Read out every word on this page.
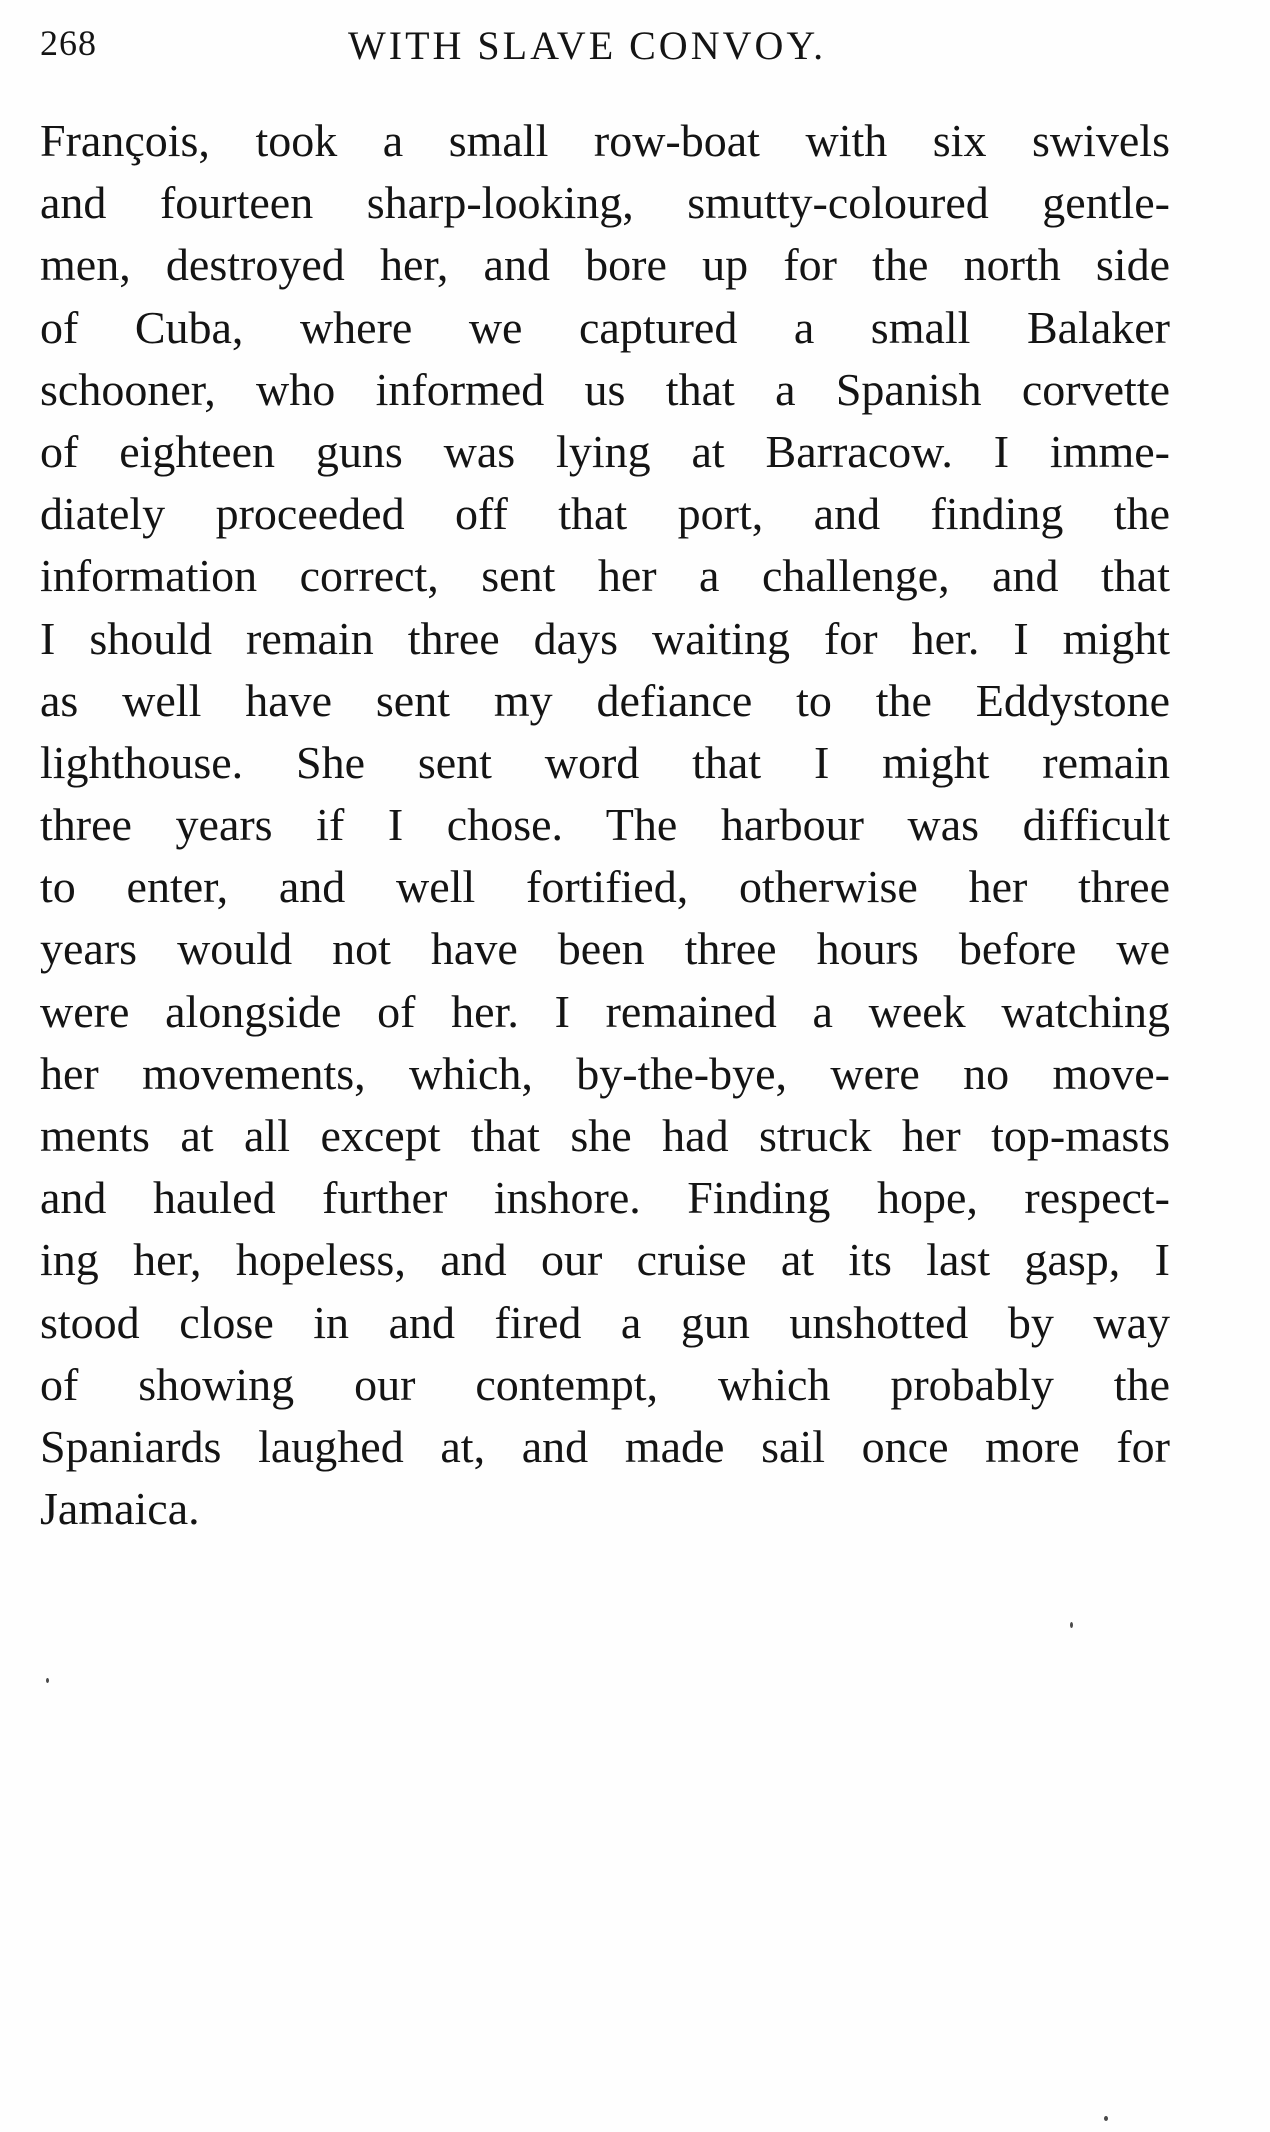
268	WITH SLAVE CONVOY.
François, took a small row-boat with six swivels
and fourteen sharp-looking, smutty-coloured gentle-
men, destroyed her, and bore up for the north side
of Cuba, where we captured a small Balaker
schooner, who informed us that a Spanish corvette
of eighteen guns was lying at Barracow. I imme-
diately proceeded off that port, and finding the
information correct, sent her a challenge, and that
I should remain three days waiting for her. I might
as well have sent my defiance to the Eddystone
lighthouse. She sent word that I might remain
three years if I chose. The harbour was difficult
to enter, and well fortified, otherwise her three
years would not have been three hours before we
were alongside of her. I remained a week watching
her movements, which, by-the-bye, were no move-
ments at all except that she had struck her top-masts
and hauled further inshore. Finding hope, respect-
ing her, hopeless, and our cruise at its last gasp, I
stood close in and fired a gun unshotted by way
of showing our contempt, which probably the
Spaniards laughed at, and made sail once more for
Jamaica.
